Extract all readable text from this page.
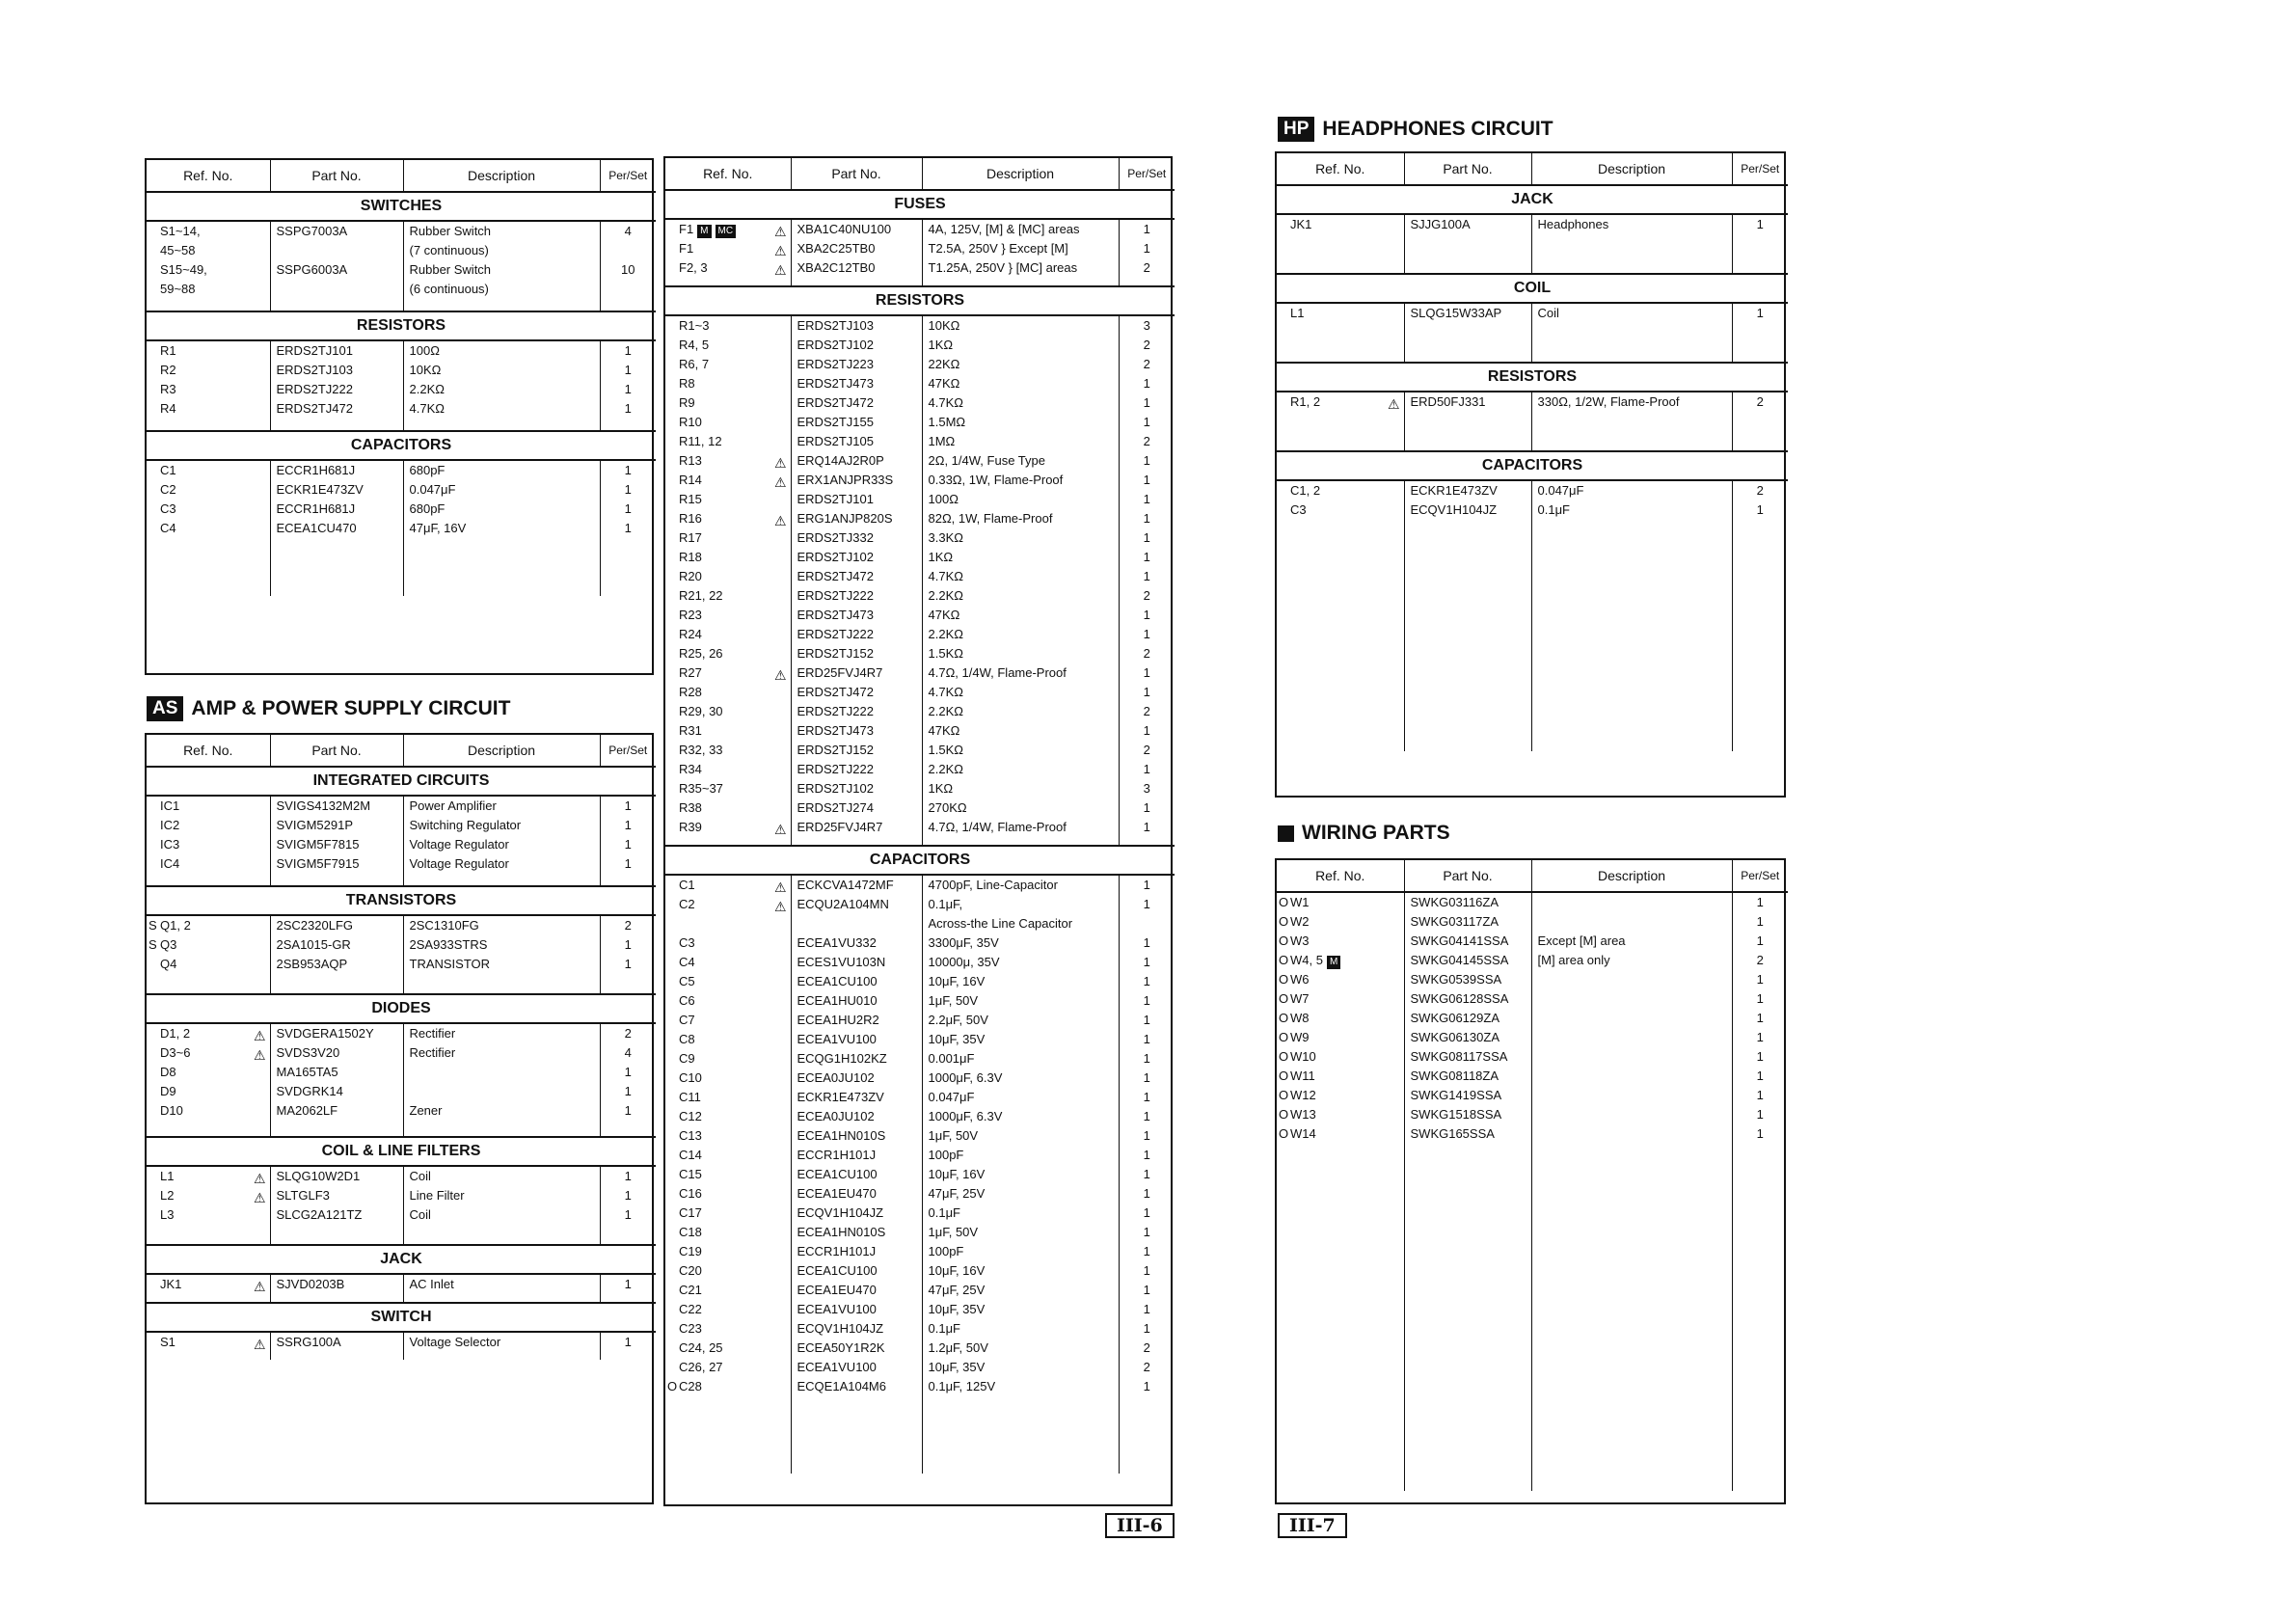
Ref. No.	Part No.	Description	Per/Set
SWITCHES			
S1~14,	SSPG7003A	Rubber Switch	4
45~58		(7 continuous)	
S15~49,	SSPG6003A	Rubber Switch	10
59~88		(6 continuous)	

RESISTORS			
R1	ERDS2TJ101	100Ω	1
R2	ERDS2TJ103	10KΩ	1
R3	ERDS2TJ222	2.2KΩ	1
R4	ERDS2TJ472	4.7KΩ	1

CAPACITORS			
C1	ECCR1H681J	680pF	1
C2	ECKR1E473ZV	0.047μF	1
C3	ECCR1H681J	680pF	1
C4	ECEA1CU470	47μF, 16V	1

AS AMP & POWER SUPPLY CIRCUIT
Ref. No.	Part No.	Description	Per/Set
INTEGRATED CIRCUITS			
IC1	SVIGS4132M2M	Power Amplifier	1
IC2	SVIGM5291P	Switching Regulator	1
IC3	SVIGM5F7815	Voltage Regulator	1
IC4	SVIGM5F7915	Voltage Regulator	1

TRANSISTORS			

S Q1, 2	2SC2320LFG	2SC1310FG	2

S Q3	2SA1015-GR	2SA933STRS	1
Q4	2SB953AQP	TRANSISTOR	1

DIODES			
D1, 2 ⚠	SVDGERA1502Y	Rectifier	2
D3~6 ⚠	SVDS3V20	Rectifier	4
D8	MA165TA5		1
D9	SVDGRK14		1
D10	MA2062LF	Zener	1

COIL & LINE FILTERS			
L1 ⚠	SLQG10W2D1	Coil	1
L2 ⚠	SLTGLF3	Line Filter	1
L3	SLCG2A121TZ	Coil	1

JACK			
JK1 ⚠	SJVD0203B	AC Inlet	1

SWITCH			
S1 ⚠	SSRG100A	Voltage Selector	1

Ref. No.	Part No.	Description	Per/Set
FUSES			
F1 M MC ⚠	XBA1C40NU100	4A, 125V, [M] & [MC] areas	1
F1 ⚠	XBA2C25TB0	T2.5A, 250V } Except [M]	1
F2, 3 ⚠	XBA2C12TB0	T1.25A, 250V } [MC] areas	2

RESISTORS			
R1~3	ERDS2TJ103	10KΩ	3
R4, 5	ERDS2TJ102	1KΩ	2
R6, 7	ERDS2TJ223	22KΩ	2
R8	ERDS2TJ473	47KΩ	1
R9	ERDS2TJ472	4.7KΩ	1
R10	ERDS2TJ155	1.5MΩ	1
R11, 12	ERDS2TJ105	1MΩ	2
R13 ⚠	ERQ14AJ2R0P	2Ω, 1/4W, Fuse Type	1
R14 ⚠	ERX1ANJPR33S	0.33Ω, 1W, Flame-Proof	1
R15	ERDS2TJ101	100Ω	1
R16 ⚠	ERG1ANJP820S	82Ω, 1W, Flame-Proof	1
R17	ERDS2TJ332	3.3KΩ	1
R18	ERDS2TJ102	1KΩ	1
R20	ERDS2TJ472	4.7KΩ	1
R21, 22	ERDS2TJ222	2.2KΩ	2
R23	ERDS2TJ473	47KΩ	1
R24	ERDS2TJ222	2.2KΩ	1
R25, 26	ERDS2TJ152	1.5KΩ	2
R27 ⚠	ERD25FVJ4R7	4.7Ω, 1/4W, Flame-Proof	1
R28	ERDS2TJ472	4.7KΩ	1
R29, 30	ERDS2TJ222	2.2KΩ	2
R31	ERDS2TJ473	47KΩ	1
R32, 33	ERDS2TJ152	1.5KΩ	2
R34	ERDS2TJ222	2.2KΩ	1
R35~37	ERDS2TJ102	1KΩ	3
R38	ERDS2TJ274	270KΩ	1
R39 ⚠	ERD25FVJ4R7	4.7Ω, 1/4W, Flame-Proof	1

CAPACITORS			
C1 ⚠	ECKCVA1472MF	4700pF, Line-Capacitor	1
C2 ⚠	ECQU2A104MN	0.1μF,	1
		Across-the Line Capacitor	
C3	ECEA1VU332	3300μF, 35V	1
C4	ECES1VU103N	10000μ, 35V	1
C5	ECEA1CU100	10μF, 16V	1
C6	ECEA1HU010	1μF, 50V	1
C7	ECEA1HU2R2	2.2μF, 50V	1
C8	ECEA1VU100	10μF, 35V	1
C9	ECQG1H102KZ	0.001μF	1
C10	ECEA0JU102	1000μF, 6.3V	1
C11	ECKR1E473ZV	0.047μF	1
C12	ECEA0JU102	1000μF, 6.3V	1
C13	ECEA1HN010S	1μF, 50V	1
C14	ECCR1H101J	100pF	1
C15	ECEA1CU100	10μF, 16V	1
C16	ECEA1EU470	47μF, 25V	1
C17	ECQV1H104JZ	0.1μF	1
C18	ECEA1HN010S	1μF, 50V	1
C19	ECCR1H101J	100pF	1
C20	ECEA1CU100	10μF, 16V	1
C21	ECEA1EU470	47μF, 25V	1
C22	ECEA1VU100	10μF, 35V	1
C23	ECQV1H104JZ	0.1μF	1
C24, 25	ECEA50Y1R2K	1.2μF, 50V	2
C26, 27	ECEA1VU100	10μF, 35V	2

O C28	ECQE1A104M6	0.1μF, 125V	1

III-6
HP HEADPHONES CIRCUIT
Ref. No.	Part No.	Description	Per/Set
JACK			
JK1	SJJG100A	Headphones	1

COIL			
L1	SLQG15W33AP	Coil	1

RESISTORS			
R1, 2 ⚠	ERD50FJ331	330Ω, 1/2W, Flame-Proof	2

CAPACITORS			
C1, 2	ECKR1E473ZV	0.047μF	2
C3	ECQV1H104JZ	0.1μF	1

WIRING PARTS
Ref. No.	Part No.	Description	Per/Set

O W1	SWKG03116ZA		1

O W2	SWKG03117ZA		1

O W3	SWKG04141SSA	Except [M] area	1

O W4, 5 M	SWKG04145SSA	[M] area only	2

O W6	SWKG0539SSA		1

O W7	SWKG06128SSA		1

O W8	SWKG06129ZA		1

O W9	SWKG06130ZA		1

O W10	SWKG08117SSA		1

O W11	SWKG08118ZA		1

O W12	SWKG1419SSA		1

O W13	SWKG1518SSA		1

O W14	SWKG165SSA		1

III-7
